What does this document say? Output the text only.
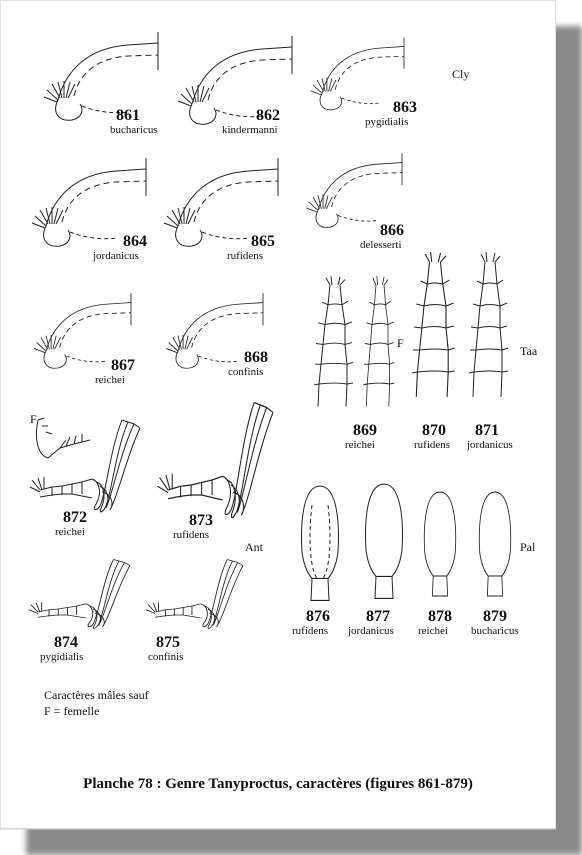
Cly
Taa
Ant	Pal
F
F
861
bucharicus
862
kindermanni
863
pygidialis
864
jordanicus
865
rufidens
866
delesserti
867
reichei
868
confinis
869
reichei
870
rufidens
871
jordanicus
872
reichei
873
rufidens
874
pygidialis
875
confinis
876
rufidens
877
jordanicus
878
reichei
879
bucharicus
Caractères mâles sauf
F = femelle
Planche 78 : Genre Tanyproctus, caractères (figures 861-879)
